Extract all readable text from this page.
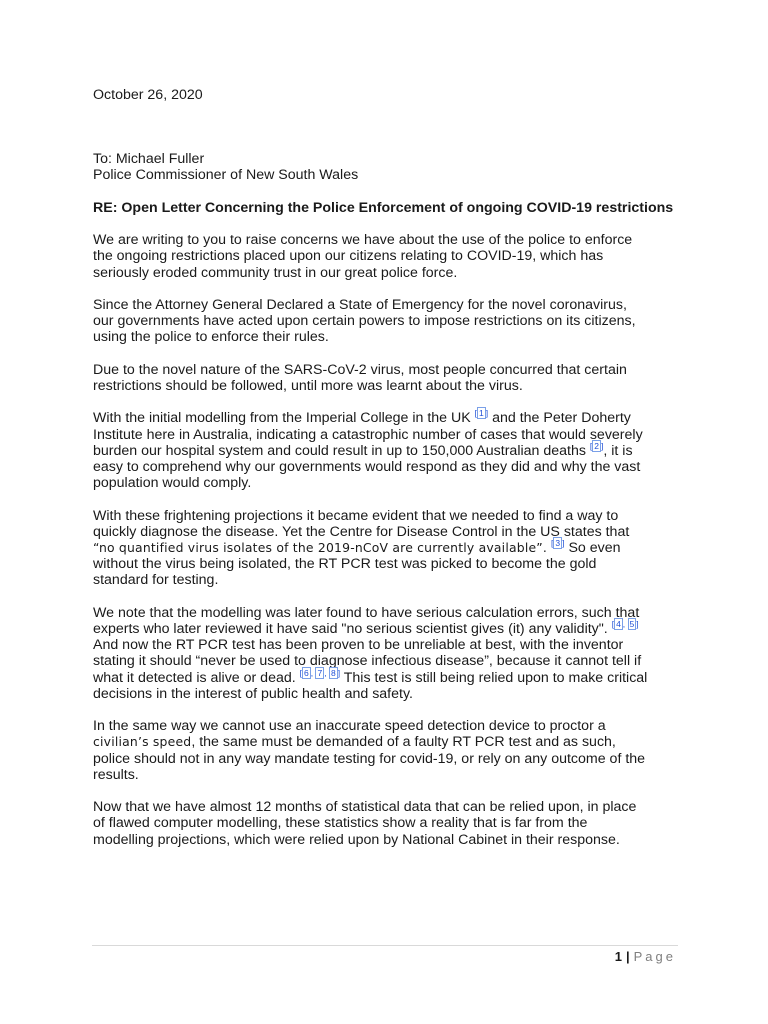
October 26, 2020
To: Michael Fuller
Police Commissioner of New South Wales
RE: Open Letter Concerning the Police Enforcement of ongoing COVID-19 restrictions
We are writing to you to raise concerns we have about the use of the police to enforce
the ongoing restrictions placed upon our citizens relating to COVID-19, which has
seriously eroded community trust in our great police force.
Since the Attorney General Declared a State of Emergency for the novel coronavirus,
our governments have acted upon certain powers to impose restrictions on its citizens,
using the police to enforce their rules.
Due to the novel nature of the SARS-CoV-2 virus, most people concurred that certain
restrictions should be followed, until more was learnt about the virus.
With the initial modelling from the Imperial College in the UK [ 1 ] and the Peter Doherty
Institute here in Australia, indicating a catastrophic number of cases that would severely
burden our hospital system and could result in up to 150,000 Australian deaths [ 2 ], it is
easy to comprehend why our governments would respond as they did and why the vast
population would comply.
With these frightening projections it became evident that we needed to find a way to
quickly diagnose the disease. Yet the Centre for Disease Control in the US states that
“no quantified virus isolates of the 2019-nCoV are currently available”. [ 3 ] So even
without the virus being isolated, the RT PCR test was picked to become the gold
standard for testing.
We note that the modelling was later found to have serious calculation errors, such that
experts who later reviewed it have said "no serious scientist gives (it) any validity". [ 4 , 5 ]
And now the RT PCR test has been proven to be unreliable at best, with the inventor
stating it should “never be used to diagnose infectious disease”, because it cannot tell if
what it detected is alive or dead. [ 6 , 7 , 8 ] This test is still being relied upon to make critical
decisions in the interest of public health and safety.
In the same way we cannot use an inaccurate speed detection device to proctor a
civilian’s speed, the same must be demanded of a faulty RT PCR test and as such,
police should not in any way mandate testing for covid-19, or rely on any outcome of the
results.
Now that we have almost 12 months of statistical data that can be relied upon, in place
of flawed computer modelling, these statistics show a reality that is far from the
modelling projections, which were relied upon by National Cabinet in their response.
1 | Page
